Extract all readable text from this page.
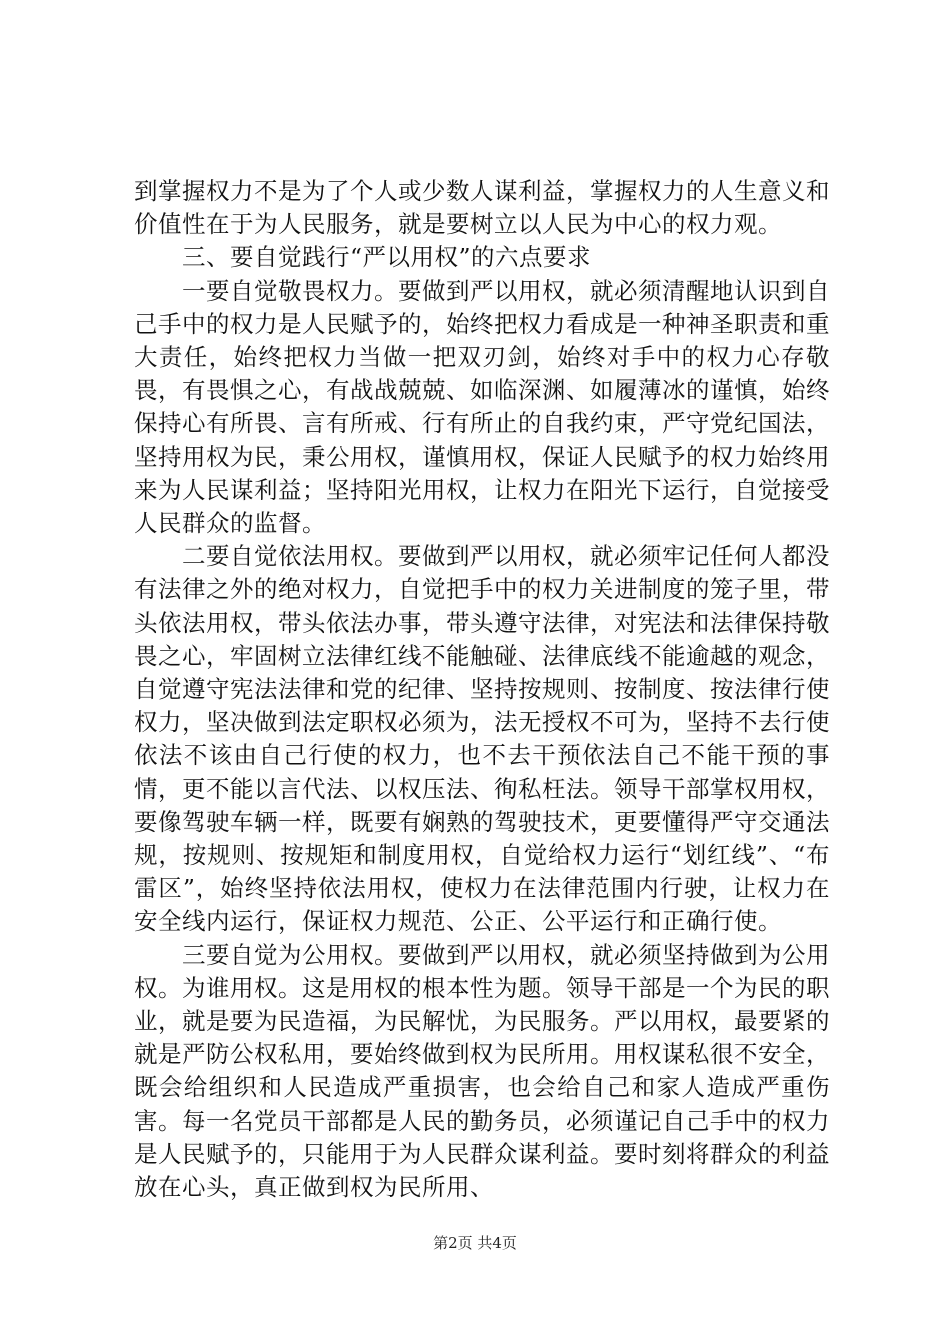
到掌握权力不是为了个人或少数人谋利益，掌握权力的人生意义和价值性在于为人民服务，就是要树立以人民为中心的权力观。

三、要自觉践行“严以用权”的六点要求

一要自觉敬畏权力。要做到严以用权，就必须清醒地认识到自己手中的权力是人民赋予的，始终把权力看成是一种神圣职责和重大责任，始终把权力当做一把双刃剑，始终对手中的权力心存敬畏，有畏惧之心，有战战兢兢、如临深渊、如履薄冰的谨慎，始终保持心有所畏、言有所戒、行有所止的自我约束，严守党纪国法，坚持用权为民，秉公用权，谨慎用权，保证人民赋予的权力始终用来为人民谋利益；坚持阳光用权，让权力在阳光下运行，自觉接受人民群众的监督。

二要自觉依法用权。要做到严以用权，就必须牢记任何人都没有法律之外的绝对权力，自觉把手中的权力关进制度的笼子里，带头依法用权，带头依法办事，带头遵守法律，对宪法和法律保持敬畏之心，牢固树立法律红线不能触碰、法律底线不能逾越的观念，自觉遵守宪法法律和党的纪律、坚持按规则、按制度、按法律行使权力，坚决做到法定职权必须为，法无授权不可为，坚持不去行使依法不该由自己行使的权力，也不去干预依法自己不能干预的事情，更不能以言代法、以权压法、徇私枉法。领导干部掌权用权，要像驾驶车辆一样，既要有娴熟的驾驶技术，更要懂得严守交通法规，按规则、按规矩和制度用权，自觉给权力运行“划红线”、“布雷区”，始终坚持依法用权，使权力在法律范围内行驶，让权力在安全线内运行，保证权力规范、公正、公平运行和正确行使。

三要自觉为公用权。要做到严以用权，就必须坚持做到为公用权。为谁用权。这是用权的根本性为题。领导干部是一个为民的职业，就是要为民造福，为民解忧，为民服务。严以用权，最要紧的就是严防公权私用，要始终做到权为民所用。用权谋私很不安全，既会给组织和人民造成严重损害，也会给自己和家人造成严重伤害。每一名党员干部都是人民的勤务员，必须谨记自己手中的权力是人民赋予的，只能用于为人民群众谋利益。要时刻将群众的利益放在心头，真正做到权为民所用、

第2页 共4页
